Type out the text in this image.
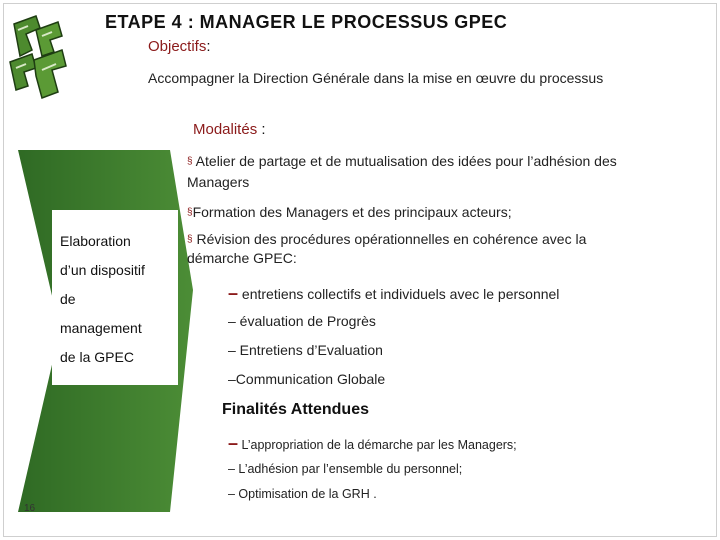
ETAPE 4 : MANAGER LE PROCESSUS GPEC
Objectifs:
Accompagner la Direction Générale dans la mise en œuvre du processus
Modalités :
Elaboration
d’un dispositif
de
management
de la GPEC
§ Atelier de partage et de mutualisation des idées pour l’adhésion des
Managers
§Formation des Managers et des principaux acteurs;
§ Révision des procédures opérationnelles en cohérence avec la
démarche GPEC:
– entretiens collectifs et individuels avec le personnel
– évaluation de Progrès
– Entretiens d’Evaluation
–Communication Globale
Finalités Attendues
– L’appropriation de la démarche par les Managers;
– L’adhésion par l’ensemble du personnel;
– Optimisation de la GRH .
16
